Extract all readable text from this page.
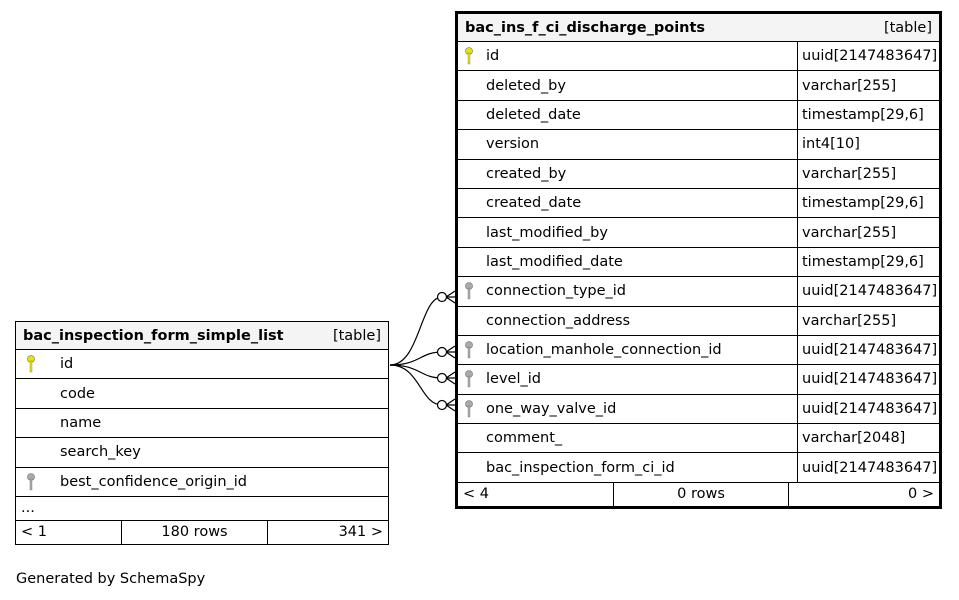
bac_inspection_form_simple_list	[table]
id
code
name
search_key
best_confidence_origin_id
...
< 1	180 rows	341 >
bac_ins_f_ci_discharge_points	[table]
id	uuid[2147483647]
deleted_by	varchar[255]
deleted_date	timestamp[29,6]
version	int4[10]
created_by	varchar[255]
created_date	timestamp[29,6]
last_modified_by	varchar[255]
last_modified_date	timestamp[29,6]
connection_type_id	uuid[2147483647]
connection_address	varchar[255]
location_manhole_connection_id	uuid[2147483647]
level_id	uuid[2147483647]
one_way_valve_id	uuid[2147483647]
comment_	varchar[2048]
bac_inspection_form_ci_id	uuid[2147483647]
< 4	0 rows	0 >
Generated by SchemaSpy
